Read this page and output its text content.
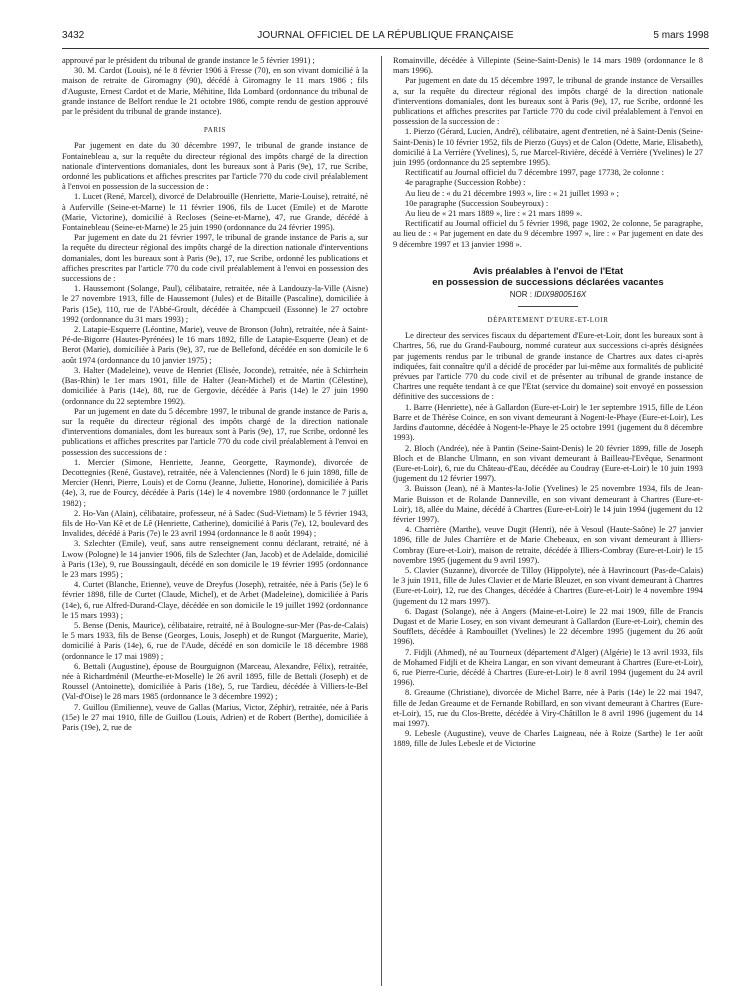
3432	JOURNAL OFFICIEL DE LA RÉPUBLIQUE FRANÇAISE	5 mars 1998

approuvé par le président du tribunal de grande instance le 5 février 1991) ;

30. M. Cardot (Louis), né le 8 février 1906 à Fresse (70), en son vivant domicilié à la maison de retraite de Giromagny (90), décédé à Giromagny le 11 mars 1986 ; fils d'Auguste, Ernest Cardot et de Marie, Méhitine, Ilda Lombard (ordonnance du tribunal de grande instance de Belfort rendue le 21 octobre 1986, compte rendu de gestion approuvé par le président du tribunal de grande instance).

PARIS

Par jugement en date du 30 décembre 1997, le tribunal de grande instance de Fontainebleau a, sur la requête du directeur régional des impôts chargé de la direction nationale d'interventions domaniales, dont les bureaux sont à Paris (9e), 17, rue Scribe, ordonné les publications et affiches prescrites par l'article 770 du code civil préalablement à l'envoi en possession de la succession de :

1. Lucet (René, Marcel), divorcé de Delabrouille (Henriette, Marie-Louise), retraité, né à Auferville (Seine-et-Marne) le 11 février 1906, fils de Lucet (Emile) et de Marotte (Marie, Victorine), domicilié à Recloses (Seine-et-Marne), 47, rue Grande, décédé à Fontainebleau (Seine-et-Marne) le 25 juin 1990 (ordonnance du 24 février 1995).

Par jugement en date du 21 février 1997, le tribunal de grande instance de Paris a, sur la requête du directeur régional des impôts chargé de la direction nationale d'interventions domaniales, dont les bureaux sont à Paris (9e), 17, rue Scribe, ordonné les publications et affiches prescrites par l'article 770 du code civil préalablement à l'envoi en possession des successions de :

1. Haussemont (Solange, Paul), célibataire, retraitée, née à Landouzy-la-Ville (Aisne) le 27 novembre 1913, fille de Haussemont (Jules) et de Bitaille (Pascaline), domiciliée à Paris (15e), 110, rue de l'Abbé-Groult, décédée à Champcueil (Essonne) le 27 octobre 1992 (ordonnance du 31 mars 1993) ;

2. Latapie-Esquerre (Léontine, Marie), veuve de Bronson (John), retraitée, née à Saint-Pé-de-Bigorre (Hautes-Pyrénées) le 16 mars 1892, fille de Latapie-Esquerre (Jean) et de Berot (Marie), domiciliée à Paris (9e), 37, rue de Bellefond, décédée en son domicile le 6 août 1974 (ordonnance du 10 janvier 1975) ;

3. Halter (Madeleine), veuve de Henriet (Elisée, Joconde), retraitée, née à Schirrhein (Bas-Rhin) le 1er mars 1901, fille de Halter (Jean-Michel) et de Martin (Célestine), domiciliée à Paris (14e), 88, rue de Gergovie, décédée à Paris (14e) le 27 juin 1990 (ordonnance du 22 septembre 1992).

Par un jugement en date du 5 décembre 1997, le tribunal de grande instance de Paris a, sur la requête du directeur régional des impôts chargé de la direction nationale d'interventions domaniales, dont les bureaux sont à Paris (9e), 17, rue Scribe, ordonné les publications et affiches prescrites par l'article 770 du code civil préalablement à l'envoi en possession des successions de :

1. Mercier (Simone, Henriette, Jeanne, Georgette, Raymonde), divorcée de Decottegnies (René, Gustave), retraitée, née à Valenciennes (Nord) le 6 juin 1898, fille de Mercier (Henri, Pierre, Louis) et de Cornu (Jeanne, Juliette, Honorine), domiciliée à Paris (4e), 3, rue de Fourcy, décédée à Paris (14e) le 4 novembre 1980 (ordonnance le 7 juillet 1982) ;

2. Ho-Van (Alain), célibataire, professeur, né à Sadec (Sud-Vietnam) le 5 février 1943, fils de Ho-Van Kê et de Lê (Henriette, Catherine), domicilié à Paris (7e), 12, boulevard des Invalides, décédé à Paris (7e) le 23 avril 1994 (ordonnance le 8 août 1994) ;

3. Szlechter (Emile), veuf, sans autre renseignement connu déclarant, retraité, né à Lwow (Pologne) le 14 janvier 1906, fils de Szlechter (Jan, Jacob) et de Adelaïde, domicilié à Paris (13e), 9, rue Boussingault, décédé en son domicile le 19 février 1995 (ordonnance le 23 mars 1995) ;

4. Curtet (Blanche, Etienne), veuve de Dreyfus (Joseph), retraitée, née à Paris (5e) le 6 février 1898, fille de Curtet (Claude, Michel), et de Arbet (Madeleine), domiciliée à Paris (14e), 6, rue Alfred-Durand-Claye, décédée en son domicile le 19 juillet 1992 (ordonnance le 15 mars 1993) ;

5. Bense (Denis, Maurice), célibataire, retraité, né à Boulogne-sur-Mer (Pas-de-Calais) le 5 mars 1933, fils de Bense (Georges, Louis, Joseph) et de Rungot (Marguerite, Marie), domicilié à Paris (14e), 6, rue de l'Aude, décédé en son domicile le 18 décembre 1988 (ordonnance le 17 mai 1989) ;

6. Bettali (Augustine), épouse de Bourguignon (Marceau, Alexandre, Félix), retraitée, née à Richardménil (Meurthe-et-Moselle) le 26 avril 1895, fille de Bettali (Joseph) et de Roussel (Antoinette), domiciliée à Paris (18e), 5, rue Tardieu, décédée à Villiers-le-Bel (Val-d'Oise) le 28 mars 1985 (ordonnance le 3 décembre 1992) ;

7. Guillou (Emilienne), veuve de Gallas (Marius, Victor, Zéphir), retraitée, née à Paris (15e) le 27 mai 1910, fille de Guillou (Louis, Adrien) et de Robert (Berthe), domiciliée à Paris (19e), 2, rue de

Romainville, décédée à Villepinte (Seine-Saint-Denis) le 14 mars 1989 (ordonnance le 8 mars 1996).

Par jugement en date du 15 décembre 1997, le tribunal de grande instance de Versailles a, sur la requête du directeur régional des impôts chargé de la direction nationale d'interventions domaniales, dont les bureaux sont à Paris (9e), 17, rue Scribe, ordonné les publications et affiches prescrites par l'article 770 du code civil préalablement à l'envoi en possession de la succession de :

1. Pierzo (Gérard, Lucien, André), célibataire, agent d'entretien, né à Saint-Denis (Seine-Saint-Denis) le 10 février 1952, fils de Pierzo (Guys) et de Calon (Odette, Marie, Elisabeth), domicilié à La Verrière (Yvelines), 5, rue Marcel-Rivière, décédé à Verrière (Yvelines) le 27 juin 1995 (ordonnance du 25 septembre 1995).

Rectificatif au Journal officiel du 7 décembre 1997, page 17738, 2e colonne :

4e paragraphe (Succession Robbe) :

Au lieu de : « du 21 décembre 1993 », lire : « 21 juillet 1993 » ;

10e paragraphe (Succession Soubeyroux) :

Au lieu de « 21 mars 1889 », lire : « 21 mars 1899 ».

Rectificatif au Journal officiel du 5 février 1998, page 1902, 2e colonne, 5e paragraphe, au lieu de : « Par jugement en date du 9 décembre 1997 », lire : « Par jugement en date des 9 décembre 1997 et 13 janvier 1998 ».

Avis préalables à l'envoi de l'Etat
en possession de successions déclarées vacantes
NOR : IDIX9800516X
DÉPARTEMENT D'EURE-ET-LOIR

Le directeur des services fiscaux du département d'Eure-et-Loir, dont les bureaux sont à Chartres, 56, rue du Grand-Faubourg, nommé curateur aux successions ci-après désignées par jugements rendus par le tribunal de grande instance de Chartres aux dates ci-après indiquées, fait connaître qu'il a décidé de procéder par lui-même aux formalités de publicité prévues par l'article 770 du code civil et de présenter au tribunal de grande instance de Chartres une requête tendant à ce que l'Etat (service du domaine) soit envoyé en possession définitive des successions de :

1. Barre (Henriette), née à Gallardon (Eure-et-Loir) le 1er septembre 1915, fille de Léon Barre et de Thérèse Coince, en son vivant demeurant à Nogent-le-Phaye (Eure-et-Loir), Les Jardins d'automne, décédée à Nogent-le-Phaye le 25 octobre 1991 (jugement du 8 décembre 1993).

2. Bloch (Andrée), née à Pantin (Seine-Saint-Denis) le 20 février 1899, fille de Joseph Bloch et de Blanche Ulmann, en son vivant demeurant à Bailleau-l'Evêque, Senarmont (Eure-et-Loir), 6, rue du Château-d'Eau, décédée au Coudray (Eure-et-Loir) le 10 juin 1993 (jugement du 12 février 1997).

3. Buisson (Jean), né à Mantes-la-Jolie (Yvelines) le 25 novembre 1934, fils de Jean-Marie Buisson et de Rolande Danneville, en son vivant demeurant à Chartres (Eure-et-Loir), 18, allée du Maine, décédé à Chartres (Eure-et-Loir) le 14 juin 1994 (jugement du 12 février 1997).

4. Charrière (Marthe), veuve Dugit (Henri), née à Vesoul (Haute-Saône) le 27 janvier 1896, fille de Jules Charrière et de Marie Chebeaux, en son vivant demeurant à Illiers-Combray (Eure-et-Loir), maison de retraite, décédée à Illiers-Combray (Eure-et-Loir) le 15 novembre 1995 (jugement du 9 avril 1997).

5. Clavier (Suzanne), divorcée de Tilloy (Hippolyte), née à Havrincourt (Pas-de-Calais) le 3 juin 1911, fille de Jules Clavier et de Marie Bleuzet, en son vivant demeurant à Chartres (Eure-et-Loir), 12, rue des Changes, décédée à Chartres (Eure-et-Loir) le 4 novembre 1994 (jugement du 12 mars 1997).

6. Dagast (Solange), née à Angers (Maine-et-Loire) le 22 mai 1909, fille de Francis Dugast et de Marie Losey, en son vivant demeurant à Gallardon (Eure-et-Loir), chemin des Soufflets, décédée à Rambouillet (Yvelines) le 22 décembre 1995 (jugement du 26 août 1996).

7. Fidjli (Ahmed), né au Tourneux (département d'Alger) (Algérie) le 13 avril 1933, fils de Mohamed Fidjli et de Kheira Langar, en son vivant demeurant à Chartres (Eure-et-Loir), 6, rue Pierre-Curie, décédé à Chartres (Eure-et-Loir) le 8 avril 1994 (jugement du 24 avril 1996).

8. Greaume (Christiane), divorcée de Michel Barre, née à Paris (14e) le 22 mai 1947, fille de Jedan Greaume et de Fernande Robillard, en son vivant demeurant à Chartres (Eure-et-Loir), 15, rue du Clos-Brette, décédée à Viry-Châtillon le 8 avril 1996 (jugement du 14 mai 1997).

9. Lebesle (Augustine), veuve de Charles Laigneau, née à Roize (Sarthe) le 1er août 1889, fille de Jules Lebesle et de Victorine
